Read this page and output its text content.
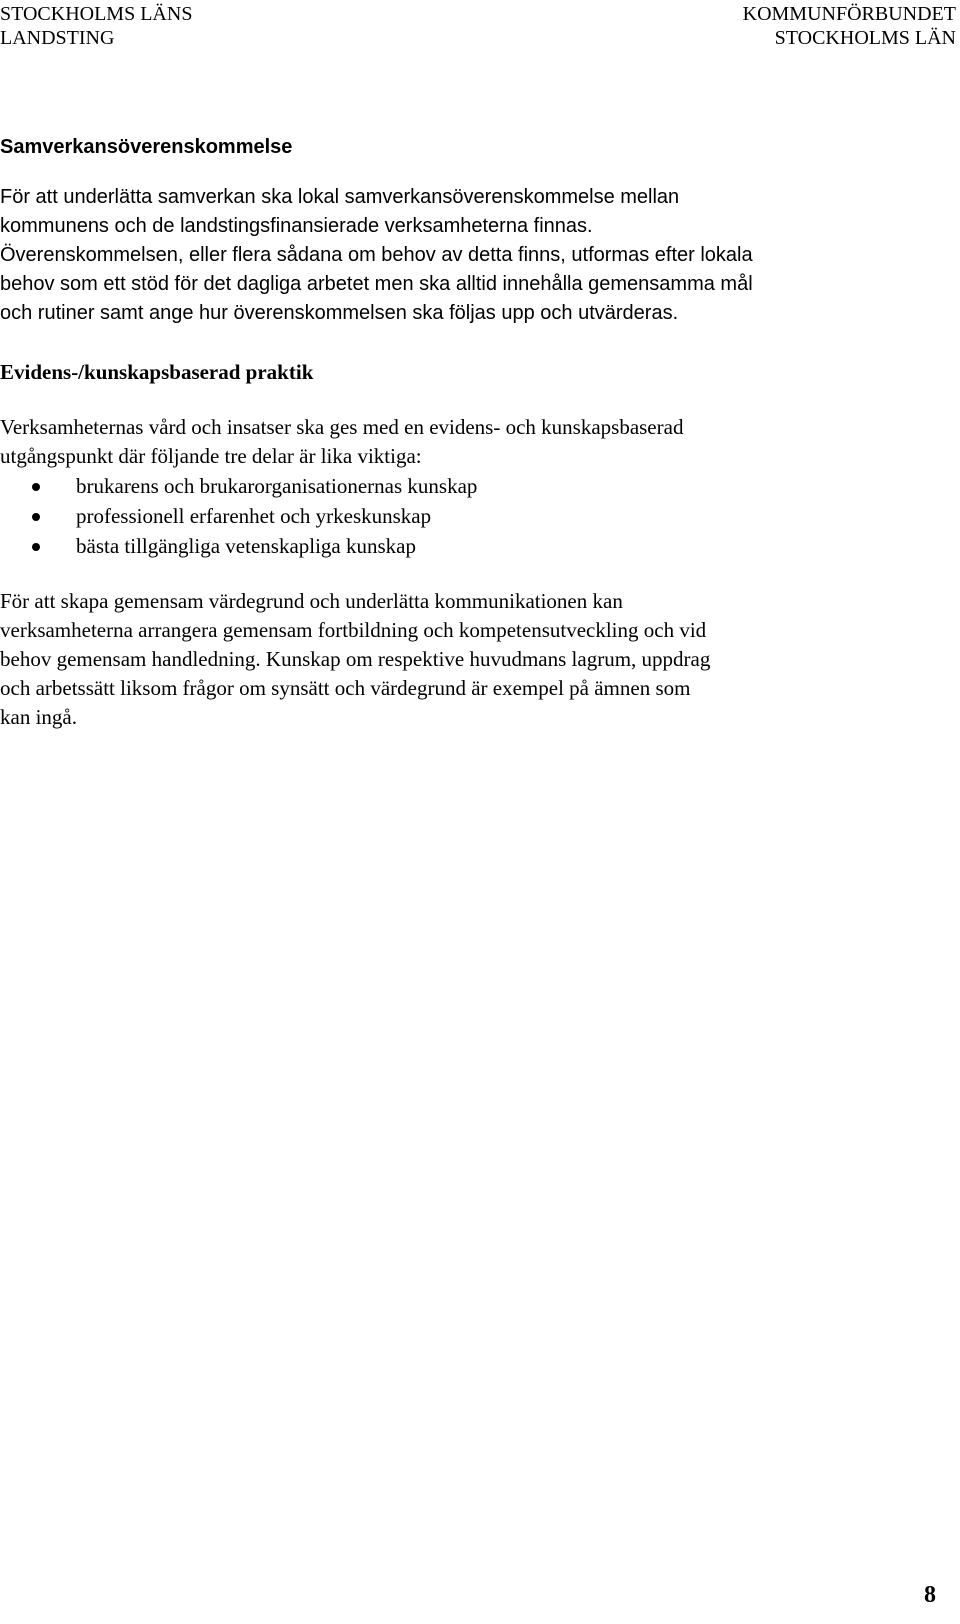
STOCKHOLMS LÄNS
LANDSTING
KOMMUNFÖRBUNDET
STOCKHOLMS LÄN
Samverkansöverenskommelse

För att underlätta samverkan ska lokal samverkansöverenskommelse mellan
kommunens och de landstingsfinansierade verksamheterna finnas.
Överenskommelsen, eller flera sådana om behov av detta finns, utformas efter lokala
behov som ett stöd för det dagliga arbetet men ska alltid innehålla gemensamma mål
och rutiner samt ange hur överenskommelsen ska följas upp och utvärderas.

Evidens-/kunskapsbaserad praktik

Verksamheternas vård och insatser ska ges med en evidens- och kunskapsbaserad
utgångspunkt där följande tre delar är lika viktiga:

brukarens och brukarorganisationernas kunskap
professionell erfarenhet och yrkeskunskap
bästa tillgängliga vetenskapliga kunskap

För att skapa gemensam värdegrund och underlätta kommunikationen kan
verksamheterna arrangera gemensam fortbildning och kompetensutveckling och vid
behov gemensam handledning. Kunskap om respektive huvudmans lagrum, uppdrag
och arbetssätt liksom frågor om synsätt och värdegrund är exempel på ämnen som
kan ingå.

8
